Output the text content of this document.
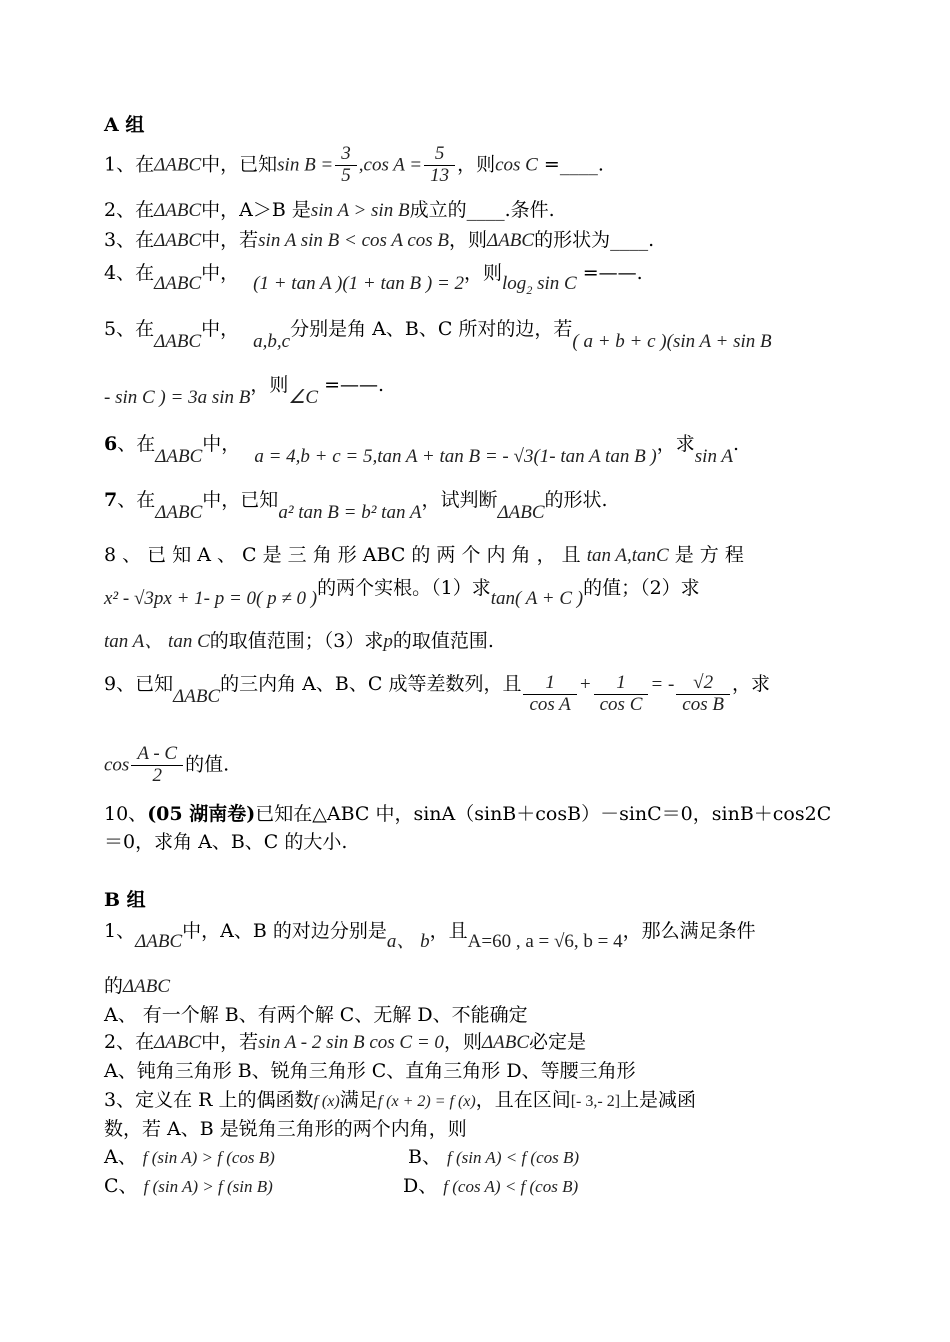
A 组
1、在ΔABC中，已知$\sin B = \frac{3}{5} ,\cos$ $A = \frac{5}{13}$ ，则cos C =____.
2、在ΔABC中，A＞B 是sin A > sin B成立的____.条件.
3、在ΔABC中，若sin A sin B < cos A cos B，则ΔABC的形状为____.
4、在ΔABC中， (1 + tan A )(1 + tan B ) = 2，则$\log_2 \sin C$ =——.
5、在ΔABC中，a,b,c分别是角 A、B、C 所对的边，若( a + b + c )(sin A + sin B
- sin C ) = 3a sin B，则∠C =——.
6、在ΔABC中，a = 4,b + c = 5,tan A + tan B = - √3(1- tan A tan B )，求sin A.
7、在ΔABC中，已知a² tan B = b² tan A，试判断ΔABC的形状.
8 、 已 知 A 、 C 是 三 角 形 ABC 的 两 个 内 角 ， 且 tan A,tanC 是 方 程
x² - √3px + 1- p = 0( p ≠ 0 )的两个实根。（1）求tan( A + C )的值；（2）求
tan A、 tan C的取值范围；（3）求p的取值范围.
9、已知ΔABC的三内角 A、B、C 成等差数列，且 $\frac{1}{\text{cos A}} + \frac{1}{\text{cos C}}$ = - $\frac{√2}{\text{cos B}}$ ，求
$\cos \frac{A - C}{2}$ 的值.
10、(05 湖南卷)已知在△ABC 中，sinA（sinB＋cosB）－sinC＝0，sinB＋cos2C
＝0，求角 A、B、C 的大小.
B 组
1、ΔABC中，A、B 的对边分别是a、 b，且A=60 , a = √6, b = 4，那么满足条件
的ΔABC
A、 有一个解 B、有两个解 C、无解 D、不能确定
2、在ΔABC中，若sin A - 2 sin B cos C = 0，则ΔABC必定是
A、钝角三角形 B、锐角三角形 C、直角三角形 D、等腰三角形
3、定义在 R 上的偶函数f (x)满足f (x + 2) = f (x)，且在区间[- 3,- 2]上是减函
数，若 A、B 是锐角三角形的两个内角，则
A、 f (sin A) > f (cos B)	B、 f (sin A) < f (cos B)
C、 f (sin A) > f (sin B)	D、 f (cos A) < f (cos B)
